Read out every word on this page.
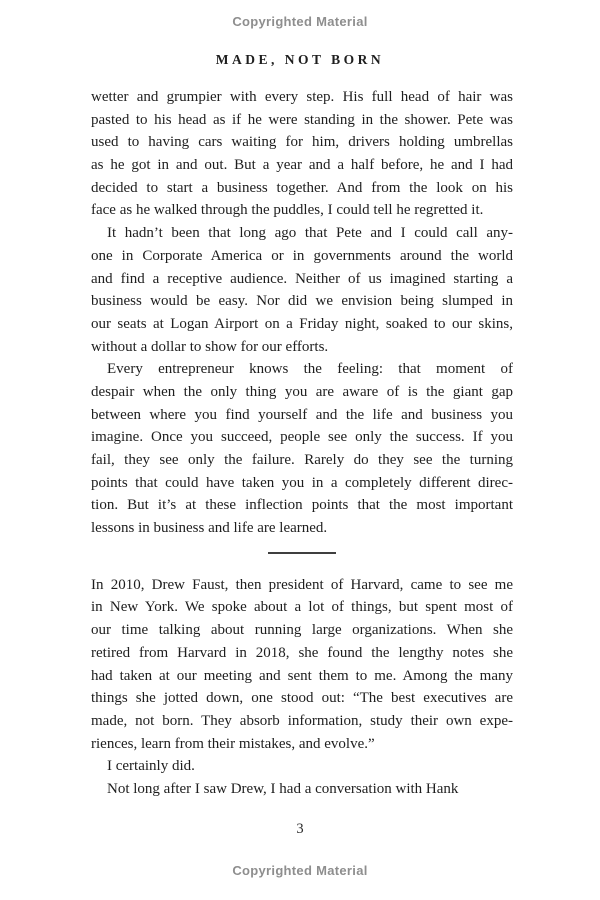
Copyrighted Material
MADE, NOT BORN
wetter and grumpier with every step. His full head of hair was
pasted to his head as if he were standing in the shower. Pete was
used to having cars waiting for him, drivers holding umbrellas
as he got in and out. But a year and a half before, he and I had
decided to start a business together. And from the look on his
face as he walked through the puddles, I could tell he regretted it.
It hadn’t been that long ago that Pete and I could call any-
one in Corporate America or in governments around the world
and find a receptive audience. Neither of us imagined starting a
business would be easy. Nor did we envision being slumped in
our seats at Logan Airport on a Friday night, soaked to our skins,
without a dollar to show for our efforts.
Every entrepreneur knows the feeling: that moment of
despair when the only thing you are aware of is the giant gap
between where you find yourself and the life and business you
imagine. Once you succeed, people see only the success. If you
fail, they see only the failure. Rarely do they see the turning
points that could have taken you in a completely different direc-
tion. But it’s at these inflection points that the most important
lessons in business and life are learned.
In 2010, Drew Faust, then president of Harvard, came to see me
in New York. We spoke about a lot of things, but spent most of
our time talking about running large organizations. When she
retired from Harvard in 2018, she found the lengthy notes she
had taken at our meeting and sent them to me. Among the many
things she jotted down, one stood out: “The best executives are
made, not born. They absorb information, study their own expe-
riences, learn from their mistakes, and evolve.”
I certainly did.
Not long after I saw Drew, I had a conversation with Hank
3
Copyrighted Material
